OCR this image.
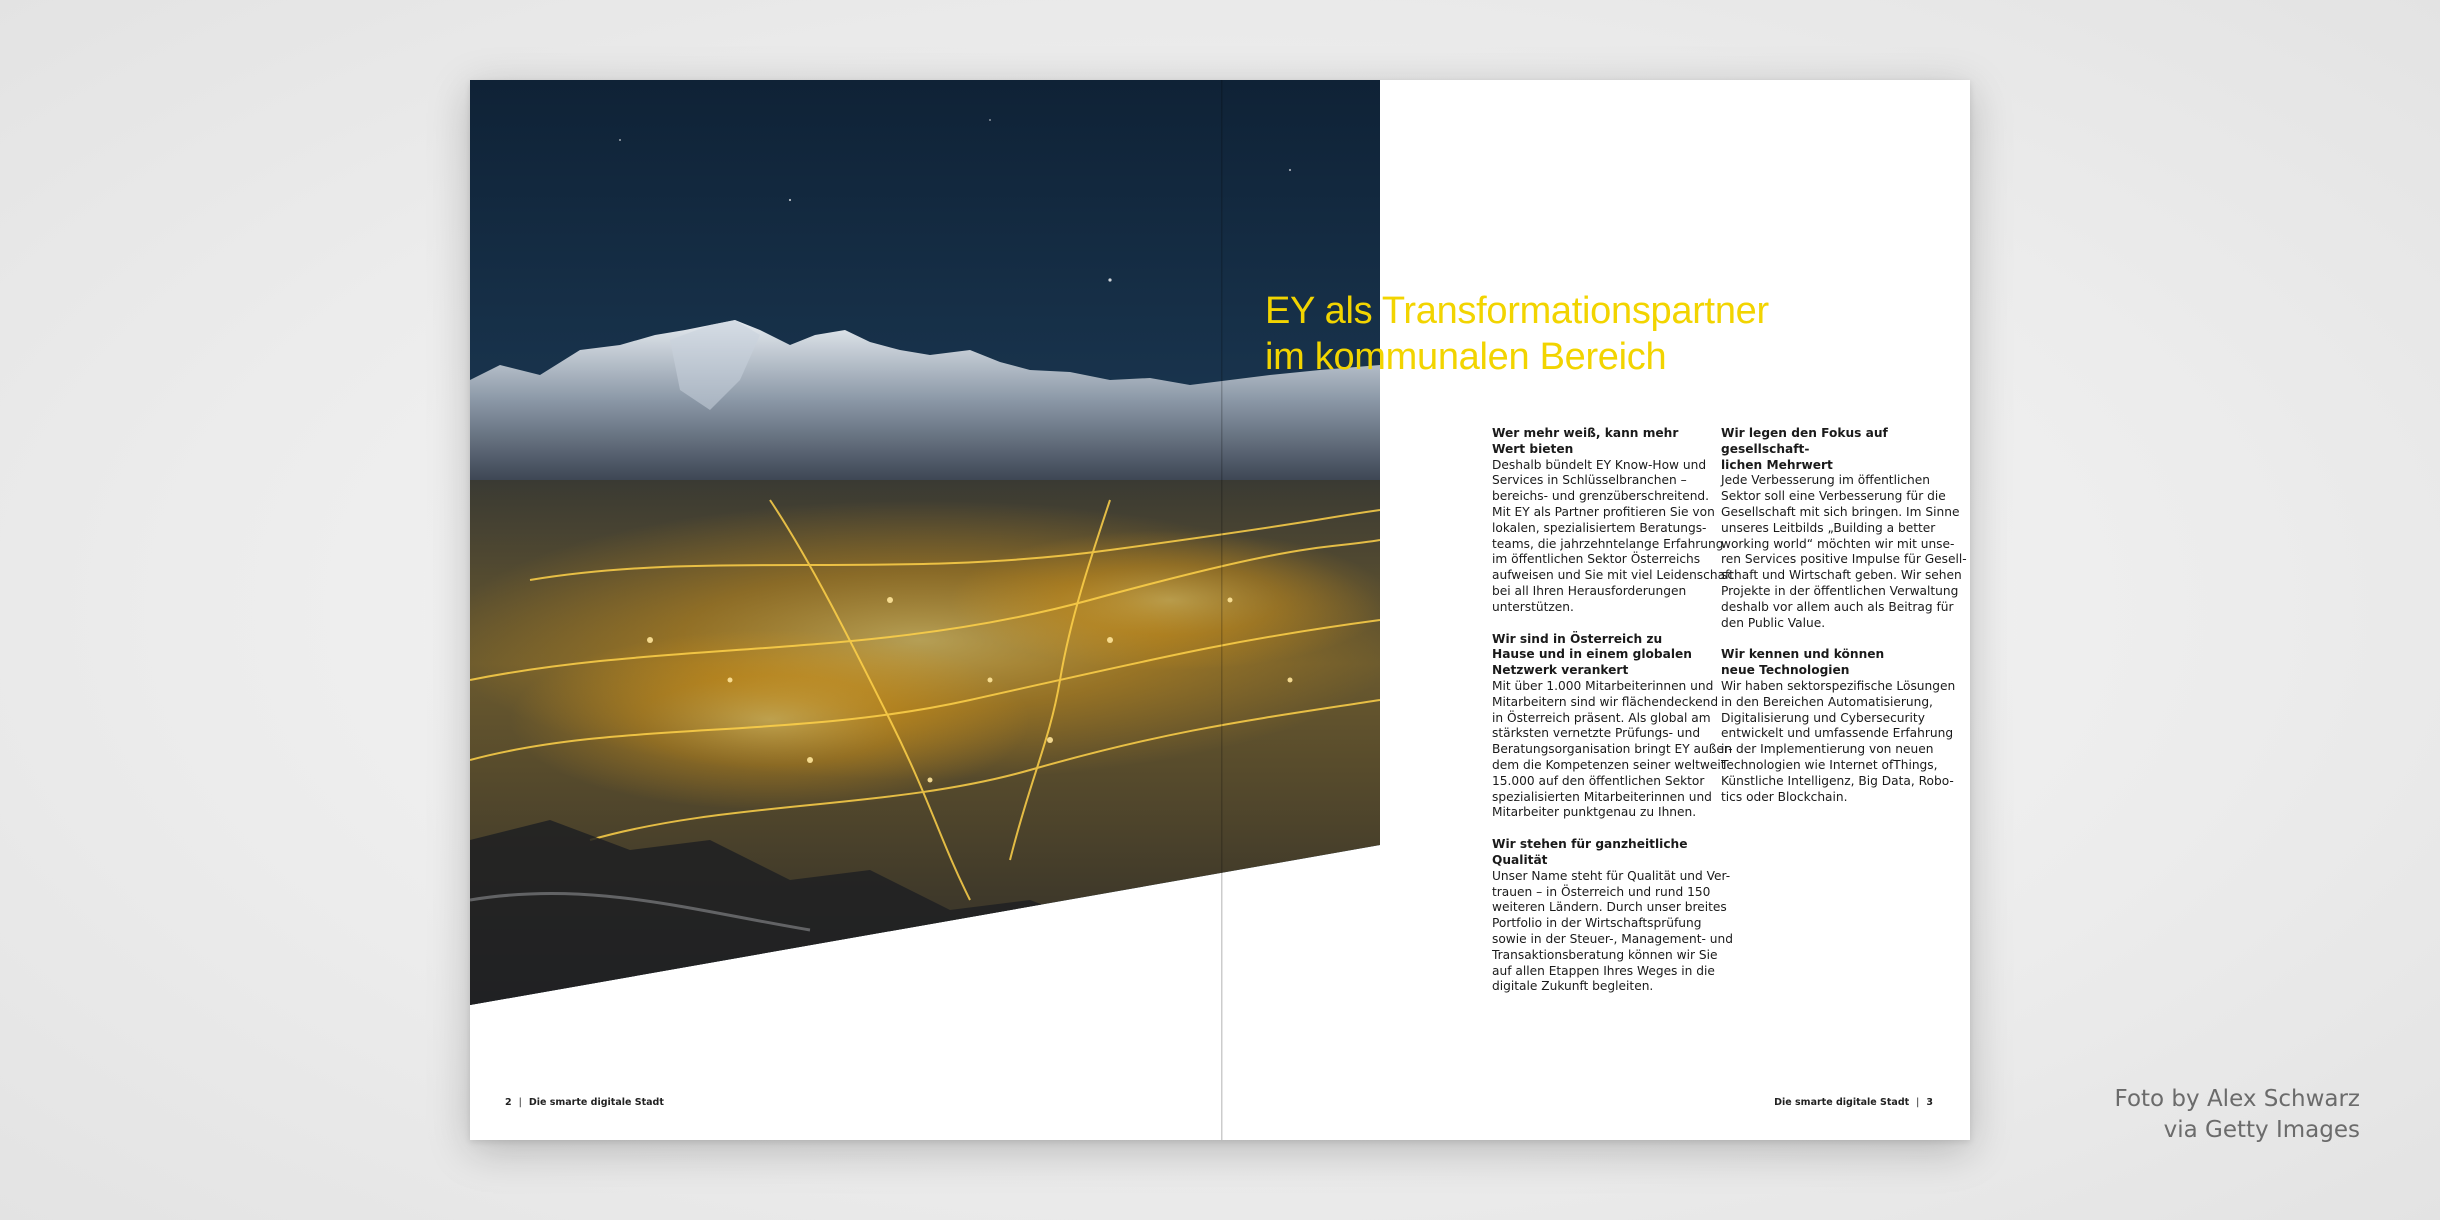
EY als Transformationspartner
im kommunalen Bereich
Wer mehr weiß, kann mehr
Wert bieten

Deshalb bündelt EY Know-How und
Services in Schlüsselbranchen –
bereichs- und grenzüberschreitend.
Mit EY als Partner profitieren Sie von
lokalen, spezialisiertem Beratungs-
teams, die jahrzehntelange Erfahrung
im öffentlichen Sektor Österreichs
aufweisen und Sie mit viel Leidenschaft
bei all Ihren Herausforderungen
unterstützen.

Wir sind in Österreich zu
Hause und in einem globalen
Netzwerk verankert

Mit über 1.000 Mitarbeiterinnen und
Mitarbeitern sind wir flächendeckend
in Österreich präsent. Als global am
stärksten vernetzte Prüfungs- und
Beratungsorganisation bringt EY außer-
dem die Kompetenzen seiner weltweit
15.000 auf den öffentlichen Sektor
spezialisierten Mitarbeiterinnen und
Mitarbeiter punktgenau zu Ihnen.

Wir stehen für ganzheitliche Qualität

Unser Name steht für Qualität und Ver-
trauen – in Österreich und rund 150
weiteren Ländern. Durch unser breites
Portfolio in der Wirtschaftsprüfung
sowie in der Steuer-, Management- und
Transaktionsberatung können wir Sie
auf allen Etappen Ihres Weges in die
digitale Zukunft begleiten.

Wir legen den Fokus auf gesellschaft-
lichen Mehrwert

Jede Verbesserung im öffentlichen
Sektor soll eine Verbesserung für die
Gesellschaft mit sich bringen. Im Sinne
unseres Leitbilds „Building a better
working world“ möchten wir mit unse-
ren Services positive Impulse für Gesell-
schaft und Wirtschaft geben. Wir sehen
Projekte in der öffentlichen Verwaltung
deshalb vor allem auch als Beitrag für
den Public Value.

Wir kennen und können
neue Technologien

Wir haben sektorspezifische Lösungen
in den Bereichen Automatisierung,
Digitalisierung und Cybersecurity
entwickelt und umfassende Erfahrung
in der Implementierung von neuen
Technologien wie Internet ofThings,
Künstliche Intelligenz, Big Data, Robo-
tics oder Blockchain.

2 | Die smarte digitale Stadt	Die smarte digitale Stadt | 3	Foto by Alex Schwarz
via Getty Images
